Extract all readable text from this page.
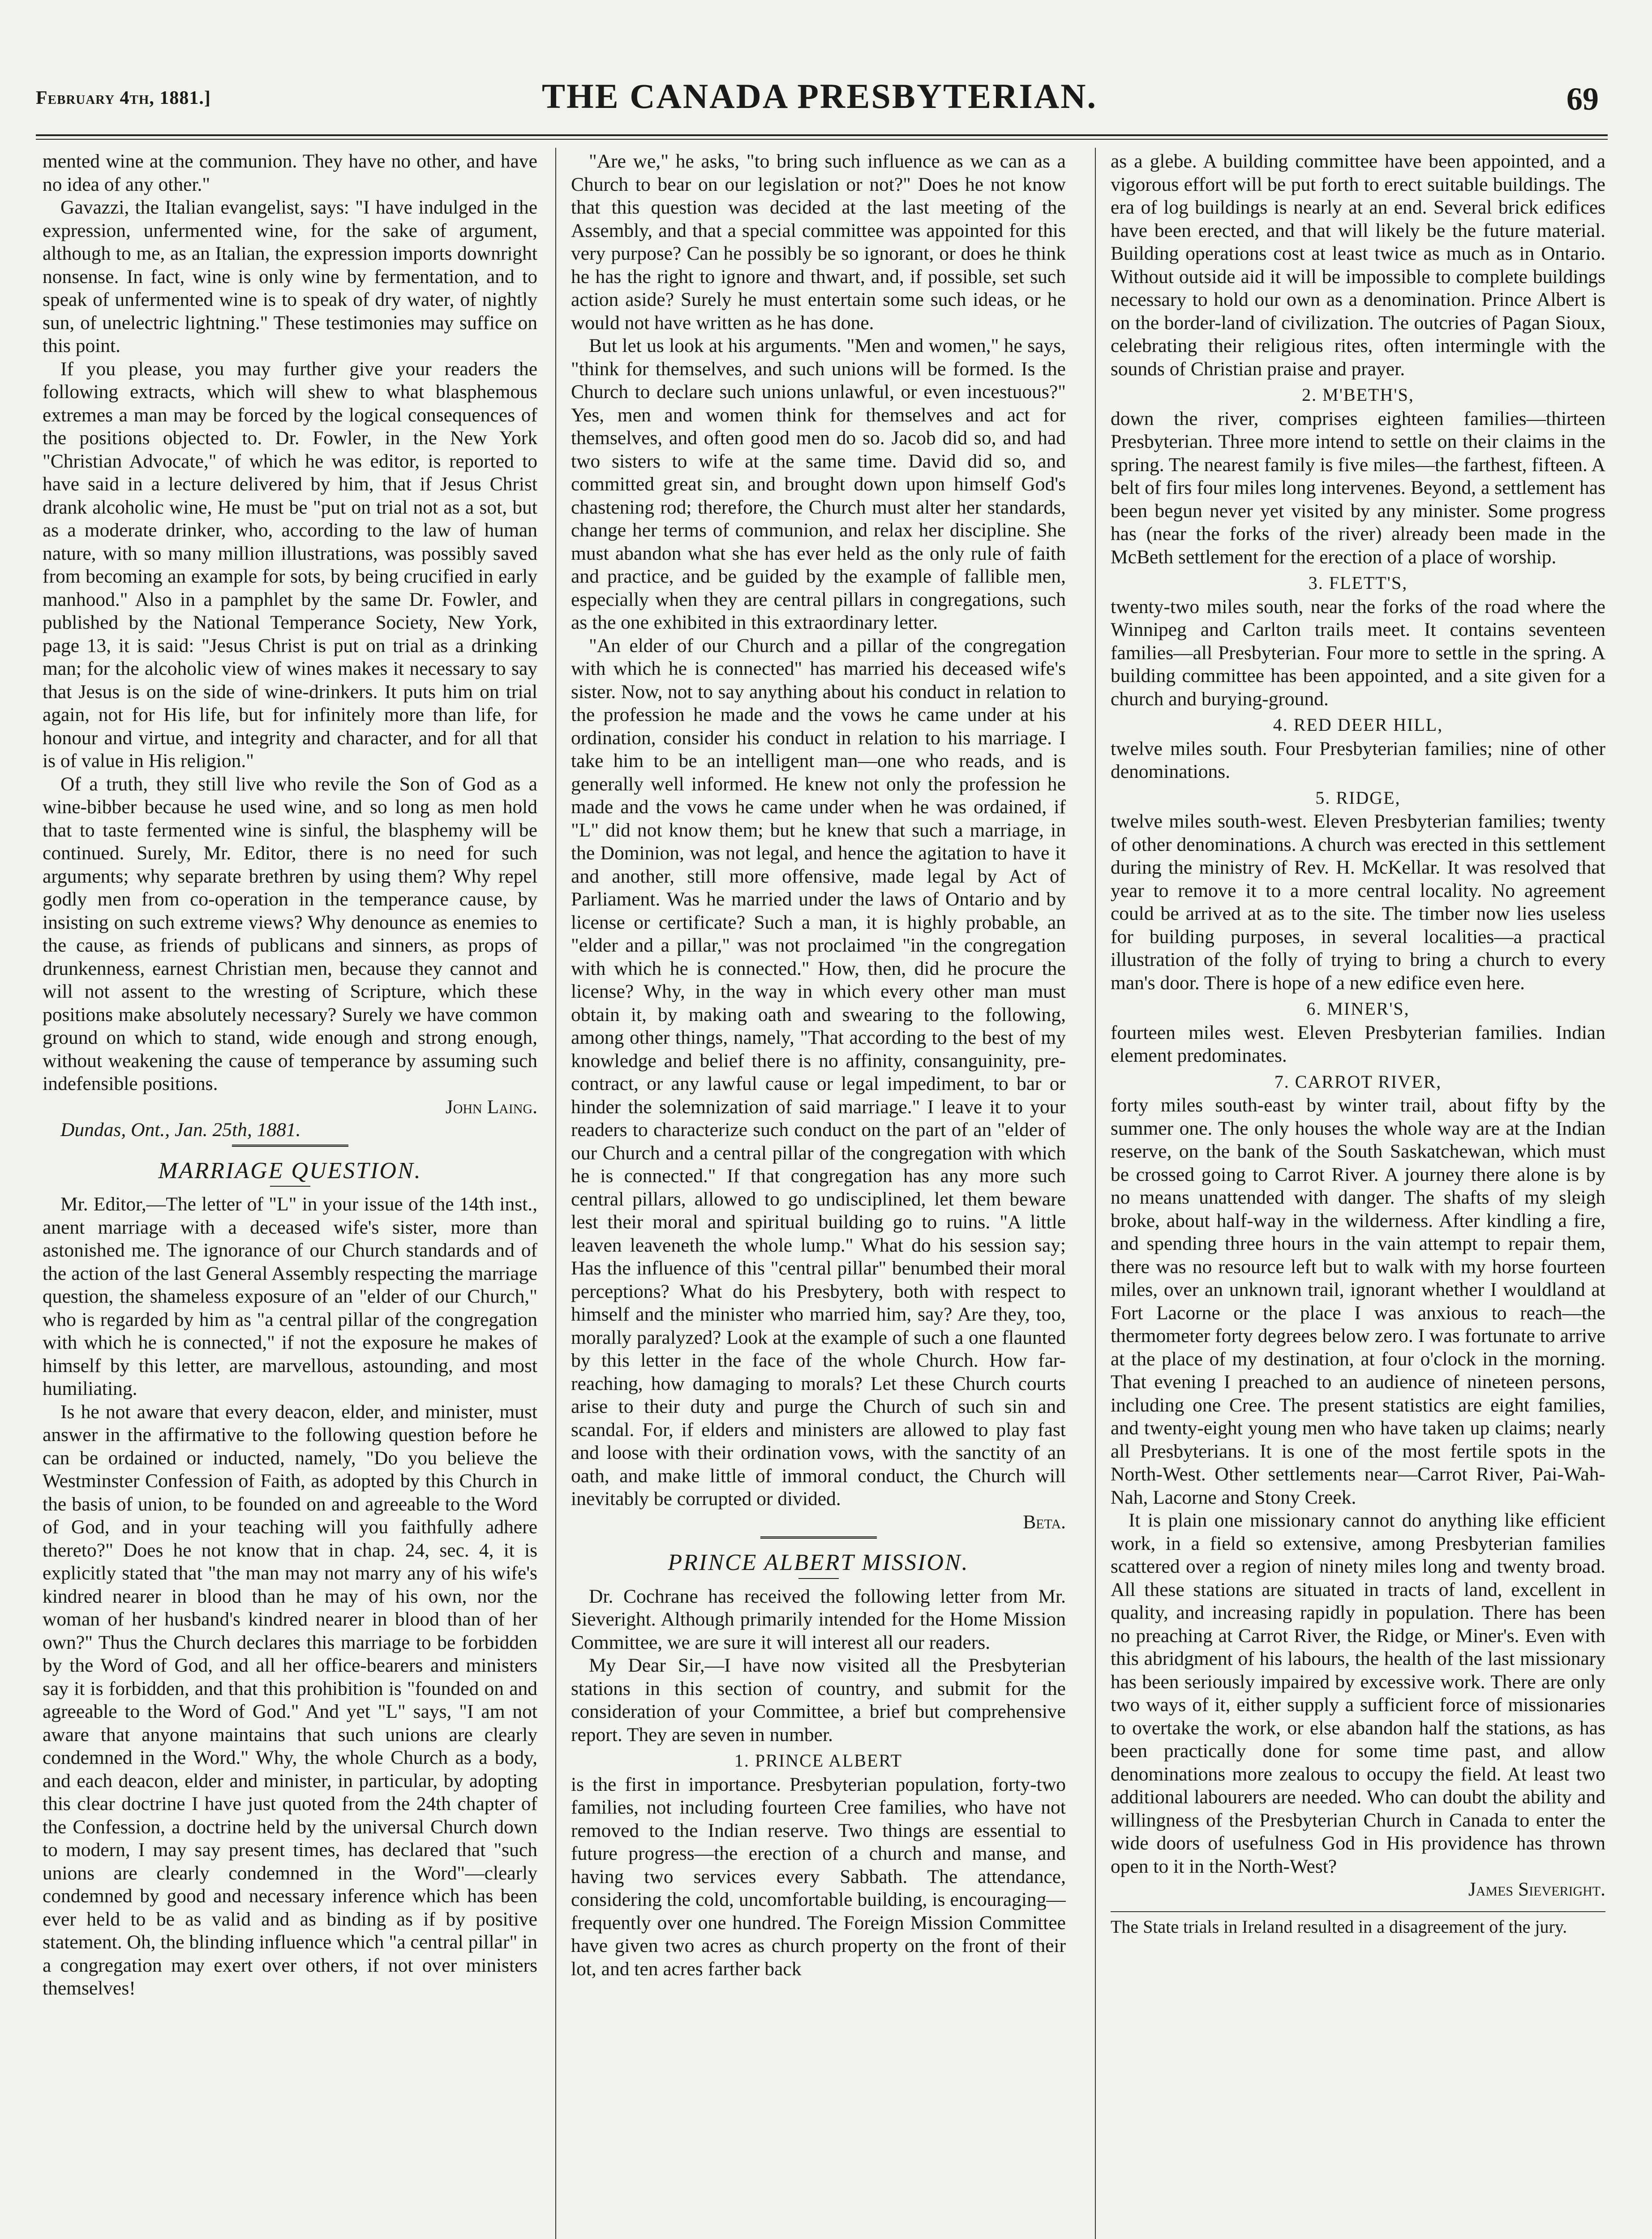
February 4th, 1881.]	THE CANADA PRESBYTERIAN.	69

mented wine at the communion. They have no other, and have no idea of any other."

Gavazzi, the Italian evangelist, says: "I have indulged in the expression, unfermented wine, for the sake of argument, although to me, as an Italian, the expression imports downright nonsense. In fact, wine is only wine by fermentation, and to speak of unfermented wine is to speak of dry water, of nightly sun, of unelectric lightning." These testimonies may suffice on this point.

If you please, you may further give your readers the following extracts, which will shew to what blasphemous extremes a man may be forced by the logical consequences of the positions objected to. Dr. Fowler, in the New York "Christian Advocate," of which he was editor, is reported to have said in a lecture delivered by him, that if Jesus Christ drank alcoholic wine, He must be "put on trial not as a sot, but as a moderate drinker, who, according to the law of human nature, with so many million illustrations, was possibly saved from becoming an example for sots, by being crucified in early manhood." Also in a pamphlet by the same Dr. Fowler, and published by the National Temperance Society, New York, page 13, it is said: "Jesus Christ is put on trial as a drinking man; for the alcoholic view of wines makes it necessary to say that Jesus is on the side of wine-drinkers. It puts him on trial again, not for His life, but for infinitely more than life, for honour and virtue, and integrity and character, and for all that is of value in His religion."

Of a truth, they still live who revile the Son of God as a wine-bibber because he used wine, and so long as men hold that to taste fermented wine is sinful, the blasphemy will be continued. Surely, Mr. Editor, there is no need for such arguments; why separate brethren by using them? Why repel godly men from co-operation in the temperance cause, by insisting on such extreme views? Why denounce as enemies to the cause, as friends of publicans and sinners, as props of drunkenness, earnest Christian men, because they cannot and will not assent to the wresting of Scripture, which these positions make absolutely necessary? Surely we have common ground on which to stand, wide enough and strong enough, without weakening the cause of temperance by assuming such indefensible positions.

John Laing.

Dundas, Ont., Jan. 25th, 1881.

MARRIAGE QUESTION.

Mr. Editor,—The letter of "L" in your issue of the 14th inst., anent marriage with a deceased wife's sister, more than astonished me. The ignorance of our Church standards and of the action of the last General Assembly respecting the marriage question, the shameless exposure of an "elder of our Church," who is regarded by him as "a central pillar of the congregation with which he is connected," if not the exposure he makes of himself by this letter, are marvellous, astounding, and most humiliating.

Is he not aware that every deacon, elder, and minister, must answer in the affirmative to the following question before he can be ordained or inducted, namely, "Do you believe the Westminster Confession of Faith, as adopted by this Church in the basis of union, to be founded on and agreeable to the Word of God, and in your teaching will you faithfully adhere thereto?" Does he not know that in chap. 24, sec. 4, it is explicitly stated that "the man may not marry any of his wife's kindred nearer in blood than he may of his own, nor the woman of her husband's kindred nearer in blood than of her own?" Thus the Church declares this marriage to be forbidden by the Word of God, and all her office-bearers and ministers say it is forbidden, and that this prohibition is "founded on and agreeable to the Word of God." And yet "L" says, "I am not aware that anyone maintains that such unions are clearly condemned in the Word." Why, the whole Church as a body, and each deacon, elder and minister, in particular, by adopting this clear doctrine I have just quoted from the 24th chapter of the Confession, a doctrine held by the universal Church down to modern, I may say present times, has declared that "such unions are clearly condemned in the Word"—clearly condemned by good and necessary inference which has been ever held to be as valid and as binding as if by positive statement. Oh, the blinding influence which "a central pillar" in a congregation may exert over others, if not over ministers themselves!

"Are we," he asks, "to bring such influence as we can as a Church to bear on our legislation or not?" Does he not know that this question was decided at the last meeting of the Assembly, and that a special committee was appointed for this very purpose? Can he possibly be so ignorant, or does he think he has the right to ignore and thwart, and, if possible, set such action aside? Surely he must entertain some such ideas, or he would not have written as he has done.

But let us look at his arguments. "Men and women," he says, "think for themselves, and such unions will be formed. Is the Church to declare such unions unlawful, or even incestuous?" Yes, men and women think for themselves and act for themselves, and often good men do so. Jacob did so, and had two sisters to wife at the same time. David did so, and committed great sin, and brought down upon himself God's chastening rod; therefore, the Church must alter her standards, change her terms of communion, and relax her discipline. She must abandon what she has ever held as the only rule of faith and practice, and be guided by the example of fallible men, especially when they are central pillars in congregations, such as the one exhibited in this extraordinary letter.

"An elder of our Church and a pillar of the congregation with which he is connected" has married his deceased wife's sister. Now, not to say anything about his conduct in relation to the profession he made and the vows he came under at his ordination, consider his conduct in relation to his marriage. I take him to be an intelligent man—one who reads, and is generally well informed. He knew not only the profession he made and the vows he came under when he was ordained, if "L" did not know them; but he knew that such a marriage, in the Dominion, was not legal, and hence the agitation to have it and another, still more offensive, made legal by Act of Parliament. Was he married under the laws of Ontario and by license or certificate? Such a man, it is highly probable, an "elder and a pillar," was not proclaimed "in the congregation with which he is connected." How, then, did he procure the license? Why, in the way in which every other man must obtain it, by making oath and swearing to the following, among other things, namely, "That according to the best of my knowledge and belief there is no affinity, consanguinity, pre-contract, or any lawful cause or legal impediment, to bar or hinder the solemnization of said marriage." I leave it to your readers to characterize such conduct on the part of an "elder of our Church and a central pillar of the congregation with which he is connected." If that congregation has any more such central pillars, allowed to go undisciplined, let them beware lest their moral and spiritual building go to ruins. "A little leaven leaveneth the whole lump." What do his session say; Has the influence of this "central pillar" benumbed their moral perceptions? What do his Presbytery, both with respect to himself and the minister who married him, say? Are they, too, morally paralyzed? Look at the example of such a one flaunted by this letter in the face of the whole Church. How far-reaching, how damaging to morals? Let these Church courts arise to their duty and purge the Church of such sin and scandal. For, if elders and ministers are allowed to play fast and loose with their ordination vows, with the sanctity of an oath, and make little of immoral conduct, the Church will inevitably be corrupted or divided.

Beta.
PRINCE ALBERT MISSION.

Dr. Cochrane has received the following letter from Mr. Sieveright. Although primarily intended for the Home Mission Committee, we are sure it will interest all our readers.

My Dear Sir,—I have now visited all the Presbyterian stations in this section of country, and submit for the consideration of your Committee, a brief but comprehensive report. They are seven in number.

1. PRINCE ALBERT

is the first in importance. Presbyterian population, forty-two families, not including fourteen Cree families, who have not removed to the Indian reserve. Two things are essential to future progress—the erection of a church and manse, and having two services every Sabbath. The attendance, considering the cold, uncomfortable building, is encouraging—frequently over one hundred. The Foreign Mission Committee have given two acres as church property on the front of their lot, and ten acres farther back

as a glebe. A building committee have been appointed, and a vigorous effort will be put forth to erect suitable buildings. The era of log buildings is nearly at an end. Several brick edifices have been erected, and that will likely be the future material. Building operations cost at least twice as much as in Ontario. Without outside aid it will be impossible to complete buildings necessary to hold our own as a denomination. Prince Albert is on the border-land of civilization. The outcries of Pagan Sioux, celebrating their religious rites, often intermingle with the sounds of Christian praise and prayer.

2. M'BETH'S,

down the river, comprises eighteen families—thirteen Presbyterian. Three more intend to settle on their claims in the spring. The nearest family is five miles—the farthest, fifteen. A belt of firs four miles long intervenes. Beyond, a settlement has been begun never yet visited by any minister. Some progress has (near the forks of the river) already been made in the McBeth settlement for the erection of a place of worship.

3. FLETT'S,

twenty-two miles south, near the forks of the road where the Winnipeg and Carlton trails meet. It contains seventeen families—all Presbyterian. Four more to settle in the spring. A building committee has been appointed, and a site given for a church and burying-ground.

4. RED DEER HILL,

twelve miles south. Four Presbyterian families; nine of other denominations.

5. RIDGE,

twelve miles south-west. Eleven Presbyterian families; twenty of other denominations. A church was erected in this settlement during the ministry of Rev. H. McKellar. It was resolved that year to remove it to a more central locality. No agreement could be arrived at as to the site. The timber now lies useless for building purposes, in several localities—a practical illustration of the folly of trying to bring a church to every man's door. There is hope of a new edifice even here.

6. MINER'S,

fourteen miles west. Eleven Presbyterian families. Indian element predominates.

7. CARROT RIVER,

forty miles south-east by winter trail, about fifty by the summer one. The only houses the whole way are at the Indian reserve, on the bank of the South Saskatchewan, which must be crossed going to Carrot River. A journey there alone is by no means unattended with danger. The shafts of my sleigh broke, about half-way in the wilderness. After kindling a fire, and spending three hours in the vain attempt to repair them, there was no resource left but to walk with my horse fourteen miles, over an unknown trail, ignorant whether I wouldland at Fort Lacorne or the place I was anxious to reach—the thermometer forty degrees below zero. I was fortunate to arrive at the place of my destination, at four o'clock in the morning. That evening I preached to an audience of nineteen persons, including one Cree. The present statistics are eight families, and twenty-eight young men who have taken up claims; nearly all Presbyterians. It is one of the most fertile spots in the North-West. Other settlements near—Carrot River, Pai-Wah-Nah, Lacorne and Stony Creek.

It is plain one missionary cannot do anything like efficient work, in a field so extensive, among Presbyterian families scattered over a region of ninety miles long and twenty broad. All these stations are situated in tracts of land, excellent in quality, and increasing rapidly in population. There has been no preaching at Carrot River, the Ridge, or Miner's. Even with this abridgment of his labours, the health of the last missionary has been seriously impaired by excessive work. There are only two ways of it, either supply a sufficient force of missionaries to overtake the work, or else abandon half the stations, as has been practically done for some time past, and allow denominations more zealous to occupy the field. At least two additional labourers are needed. Who can doubt the ability and willingness of the Presbyterian Church in Canada to enter the wide doors of usefulness God in His providence has thrown open to it in the North-West?

James Sieveright.
The State trials in Ireland resulted in a disagreement of the jury.
